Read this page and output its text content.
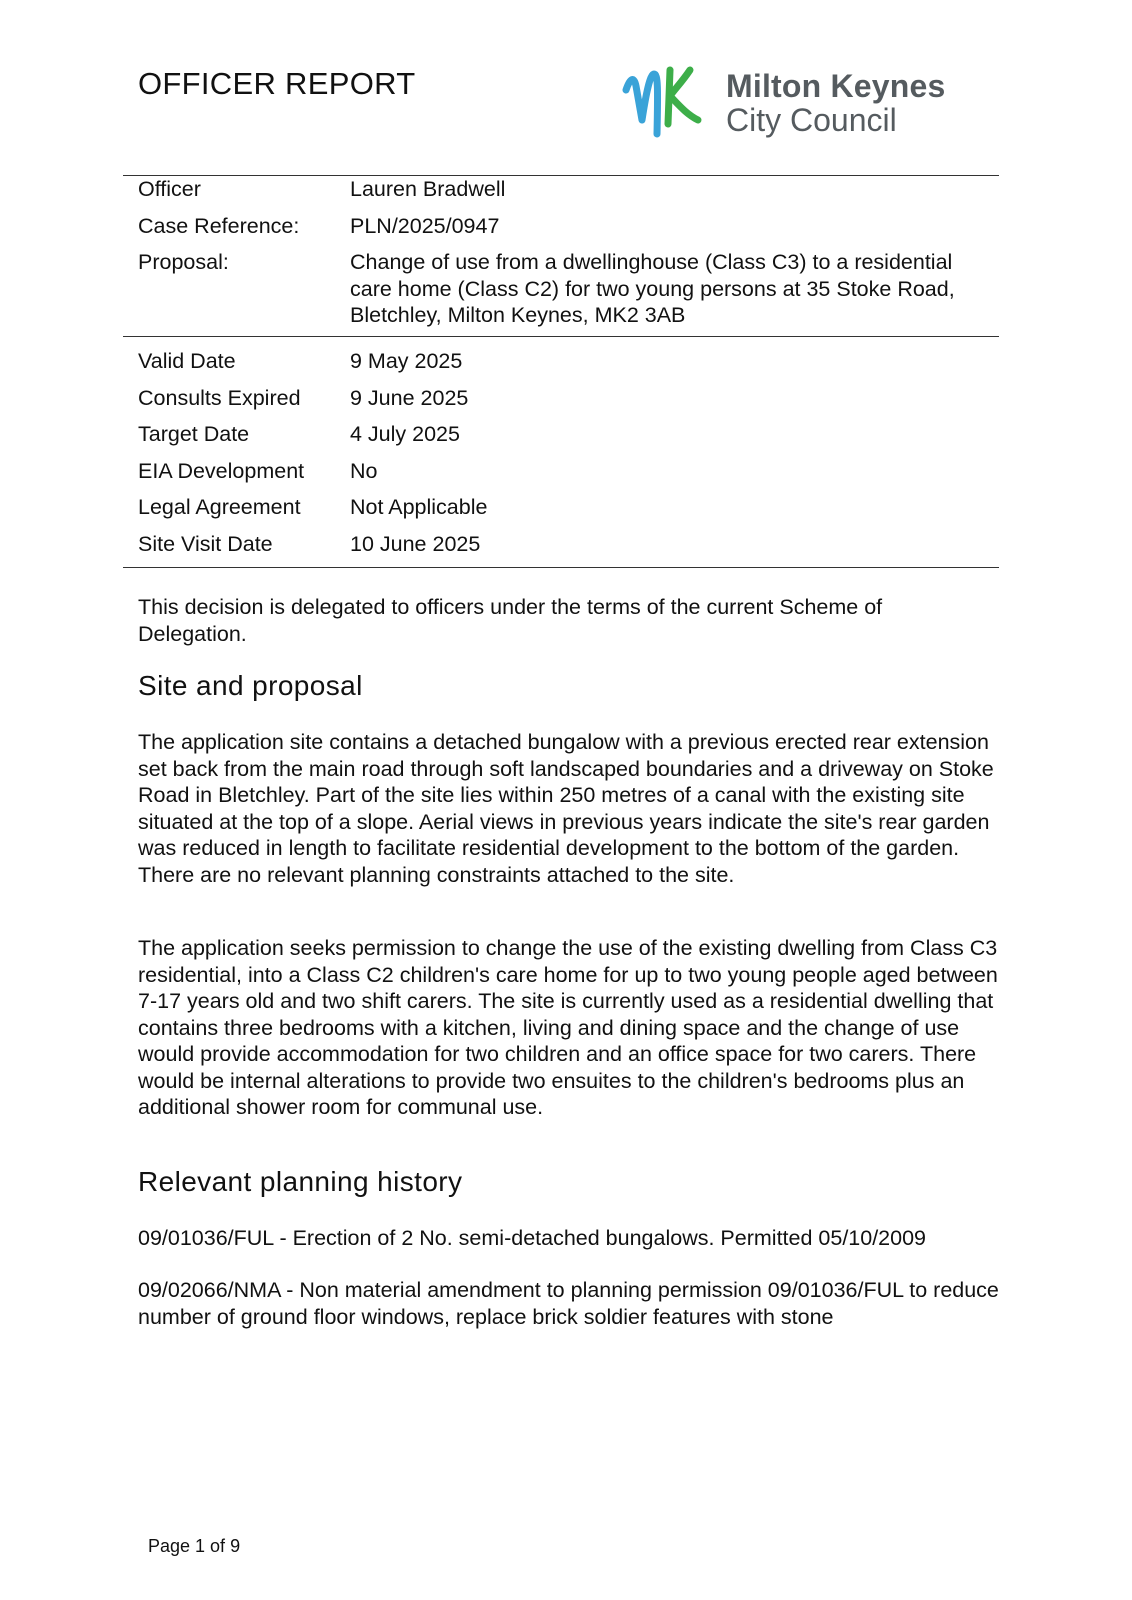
OFFICER REPORT	Milton Keynes
City Council
Officer	Lauren Bradwell
Case Reference:	PLN/2025/0947
Proposal:	Change of use from a dwellinghouse (Class C3) to a residential care home (Class C2) for two young persons at 35 Stoke Road, Bletchley, Milton Keynes, MK2 3AB
Valid Date	9 May 2025
Consults Expired	9 June 2025
Target Date	4 July 2025
EIA Development	No
Legal Agreement	Not Applicable
Site Visit Date	10 June 2025

This decision is delegated to officers under the terms of the current Scheme of Delegation.

Site and proposal

The application site contains a detached bungalow with a previous erected rear extension set back from the main road through soft landscaped boundaries and a driveway on Stoke Road in Bletchley. Part of the site lies within 250 metres of a canal with the existing site situated at the top of a slope. Aerial views in previous years indicate the site's rear garden was reduced in length to facilitate residential development to the bottom of the garden. There are no relevant planning constraints attached to the site.

The application seeks permission to change the use of the existing dwelling from Class C3 residential, into a Class C2 children's care home for up to two young people aged between 7-17 years old and two shift carers. The site is currently used as a residential dwelling that contains three bedrooms with a kitchen, living and dining space and the change of use would provide accommodation for two children and an office space for two carers. There would be internal alterations to provide two ensuites to the children's bedrooms plus an additional shower room for communal use.

Relevant planning history

09/01036/FUL - Erection of 2 No. semi-detached bungalows. Permitted 05/10/2009

09/02066/NMA - Non material amendment to planning permission 09/01036/FUL to reduce number of ground floor windows, replace brick soldier features with stone

Page 1 of 9
